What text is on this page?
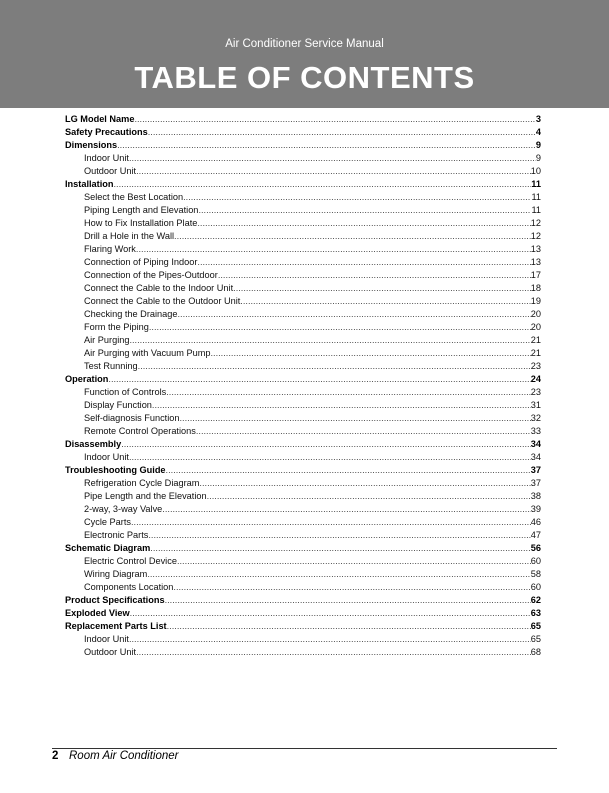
Air Conditioner Service Manual
TABLE OF CONTENTS
LG Model Name .....	3
Safety Precautions .....	4
Dimensions .....	9
Indoor Unit .....	9
Outdoor Unit .....	10
Installation .....	11
Select the Best Location .....	11
Piping Length and Elevation .....	11
How to Fix Installation Plate .....	12
Drill a Hole in the Wall .....	12
Flaring Work .....	13
Connection of Piping Indoor .....	13
Connection of the Pipes-Outdoor .....	17
Connect the Cable to the Indoor Unit .....	18
Connect the Cable to the Outdoor Unit .....	19
Checking the Drainage .....	20
Form the Piping .....	20
Air Purging .....	21
Air Purging with Vacuum Pump .....	21
Test Running .....	23
Operation .....	24
Function of Controls .....	23
Display Function .....	31
Self-diagnosis Function .....	32
Remote Control Operations .....	33
Disassembly .....	34
Indoor Unit .....	34
Troubleshooting Guide .....	37
Refrigeration Cycle Diagram .....	37
Pipe Length and the Elevation .....	38
2-way, 3-way Valve .....	39
Cycle Parts .....	46
Electronic Parts .....	47
Schematic Diagram .....	56
Electric Control Device .....	60
Wiring Diagram .....	58
Components Location .....	60
Product Specifications .....	62
Exploded View .....	63
Replacement Parts List .....	65
Indoor Unit .....	65
Outdoor Unit .....	68
2 Room Air Conditioner
